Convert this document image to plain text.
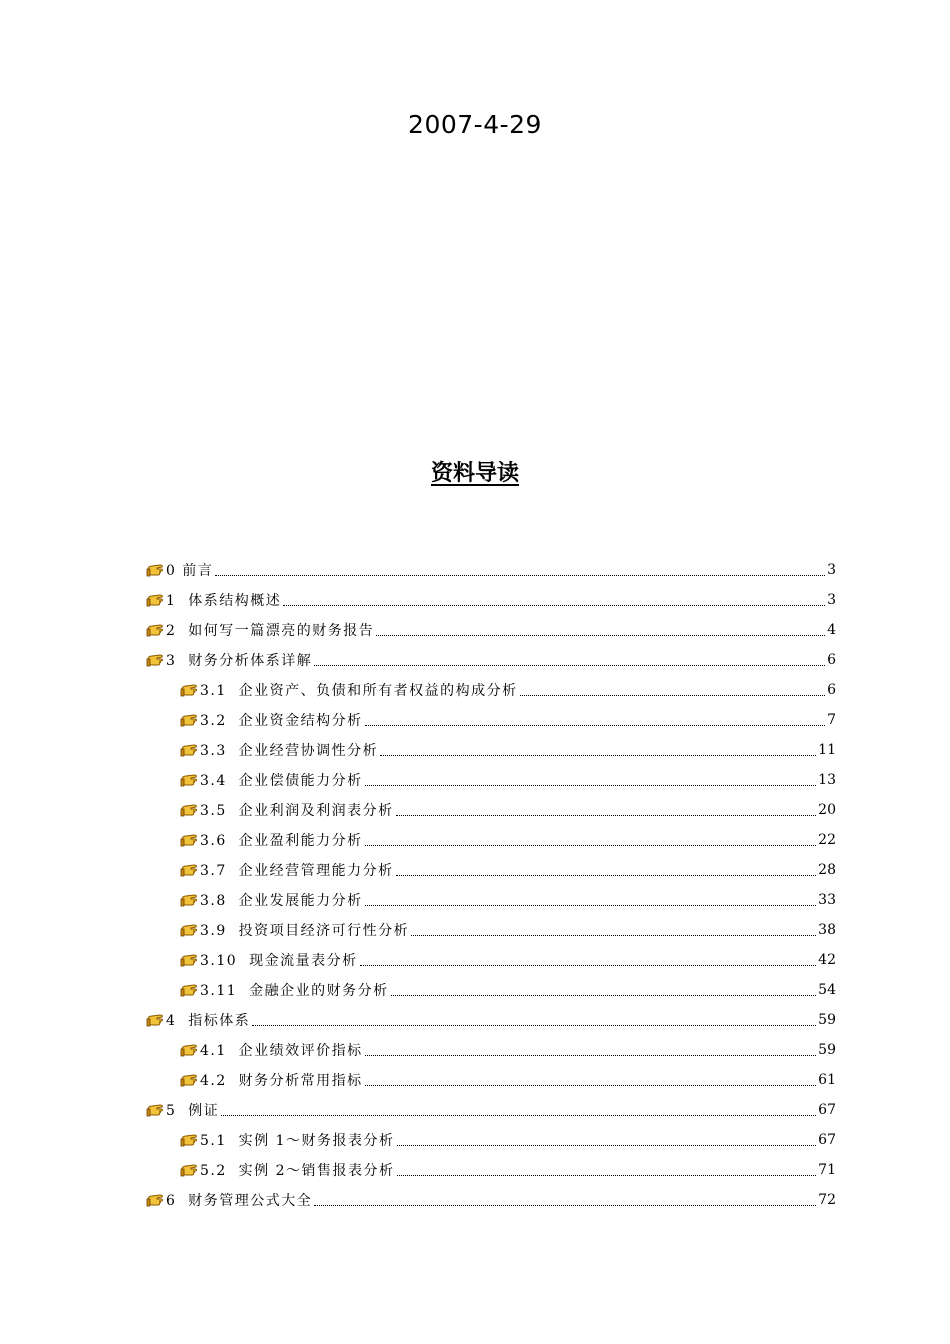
2007-4-29
资料导读
0 前言	3
1  体系结构概述	3
2  如何写一篇漂亮的财务报告	4
3  财务分析体系详解	6
3.1  企业资产、负债和所有者权益的构成分析	6
3.2  企业资金结构分析	7
3.3  企业经营协调性分析	11
3.4  企业偿债能力分析	13
3.5  企业利润及利润表分析	20
3.6  企业盈利能力分析	22
3.7  企业经营管理能力分析	28
3.8  企业发展能力分析	33
3.9  投资项目经济可行性分析	38
3.10  现金流量表分析	42
3.11  金融企业的财务分析	54
4  指标体系	59
4.1  企业绩效评价指标	59
4.2  财务分析常用指标	61
5  例证	67
5.1  实例 1～财务报表分析	67
5.2  实例 2～销售报表分析	71
6  财务管理公式大全	72
